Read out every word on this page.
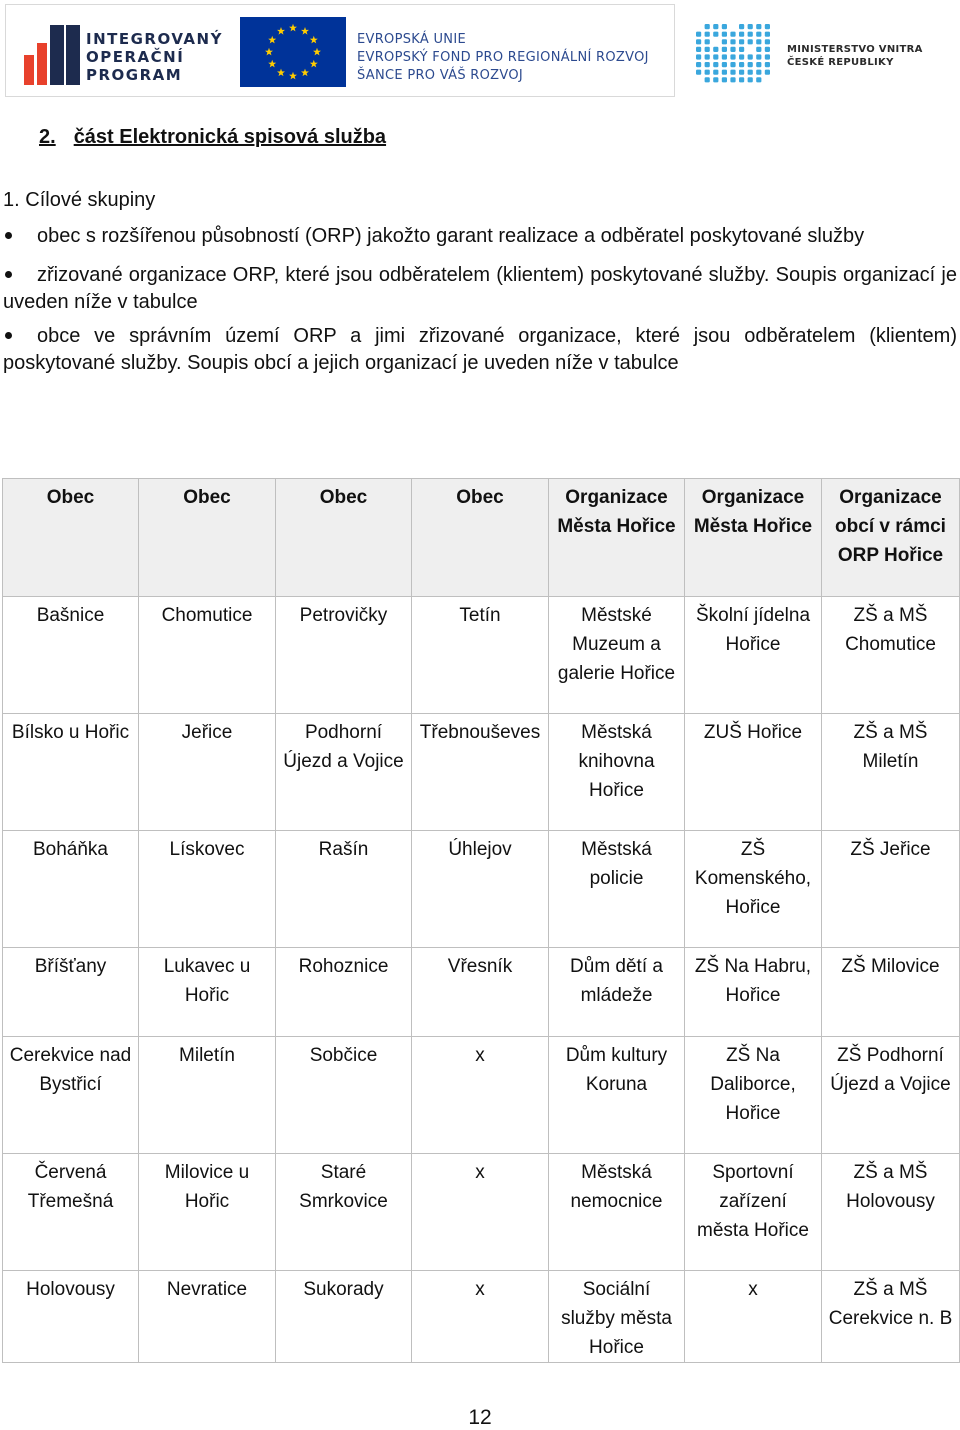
INTEGROVANÝ
OPERAČNÍ
PROGRAM
EVROPSKÁ UNIE
EVROPSKÝ FOND PRO REGIONÁLNÍ ROZVOJ
ŠANCE PRO VÁŠ ROZVOJ
MINISTERSTVO VNITRA
ČESKÉ REPUBLIKY
2. část Elektronická spisová služba
1. Cílové skupiny
obec s rozšířenou působností (ORP) jakožto garant realizace a odběratel poskytované služby
zřizované organizace ORP, které jsou odběratelem (klientem) poskytované služby. Soupis organizací je uveden níže v tabulce
obce ve správním území ORP a jimi zřizované organizace, které jsou odběratelem (klientem)
poskytované služby. Soupis obcí a jejich organizací je uveden níže v tabulce
Obec	Obec	Obec	Obec	Organizace Města Hořice	Organizace Města Hořice	Organizace obcí v rámci ORP Hořice
Bašnice	Chomutice	Petrovičky	Tetín	Městské Muzeum a galerie Hořice	Školní jídelna Hořice	ZŠ a MŠ Chomutice
Bílsko u Hořic	Jeřice	Podhorní Újezd a Vojice	Třebnouševes	Městská knihovna Hořice	ZUŠ Hořice	ZŠ a MŠ Miletín
Boháňka	Lískovec	Rašín	Úhlejov	Městská policie	ZŠ Komenského, Hořice	ZŠ Jeřice
Bříšťany	Lukavec u Hořic	Rohoznice	Vřesník	Dům dětí a mládeže	ZŠ Na Habru, Hořice	ZŠ Milovice
Cerekvice nad Bystřicí	Miletín	Sobčice	x	Dům kultury Koruna	ZŠ Na Daliborce, Hořice	ZŠ Podhorní Újezd a Vojice
Červená Třemešná	Milovice u Hořic	Staré Smrkovice	x	Městská nemocnice	Sportovní zařízení města Hořice	ZŠ a MŠ Holovousy
Holovousy	Nevratice	Sukorady	x	Sociální služby města Hořice	x	ZŠ a MŠ Cerekvice n. B
12
